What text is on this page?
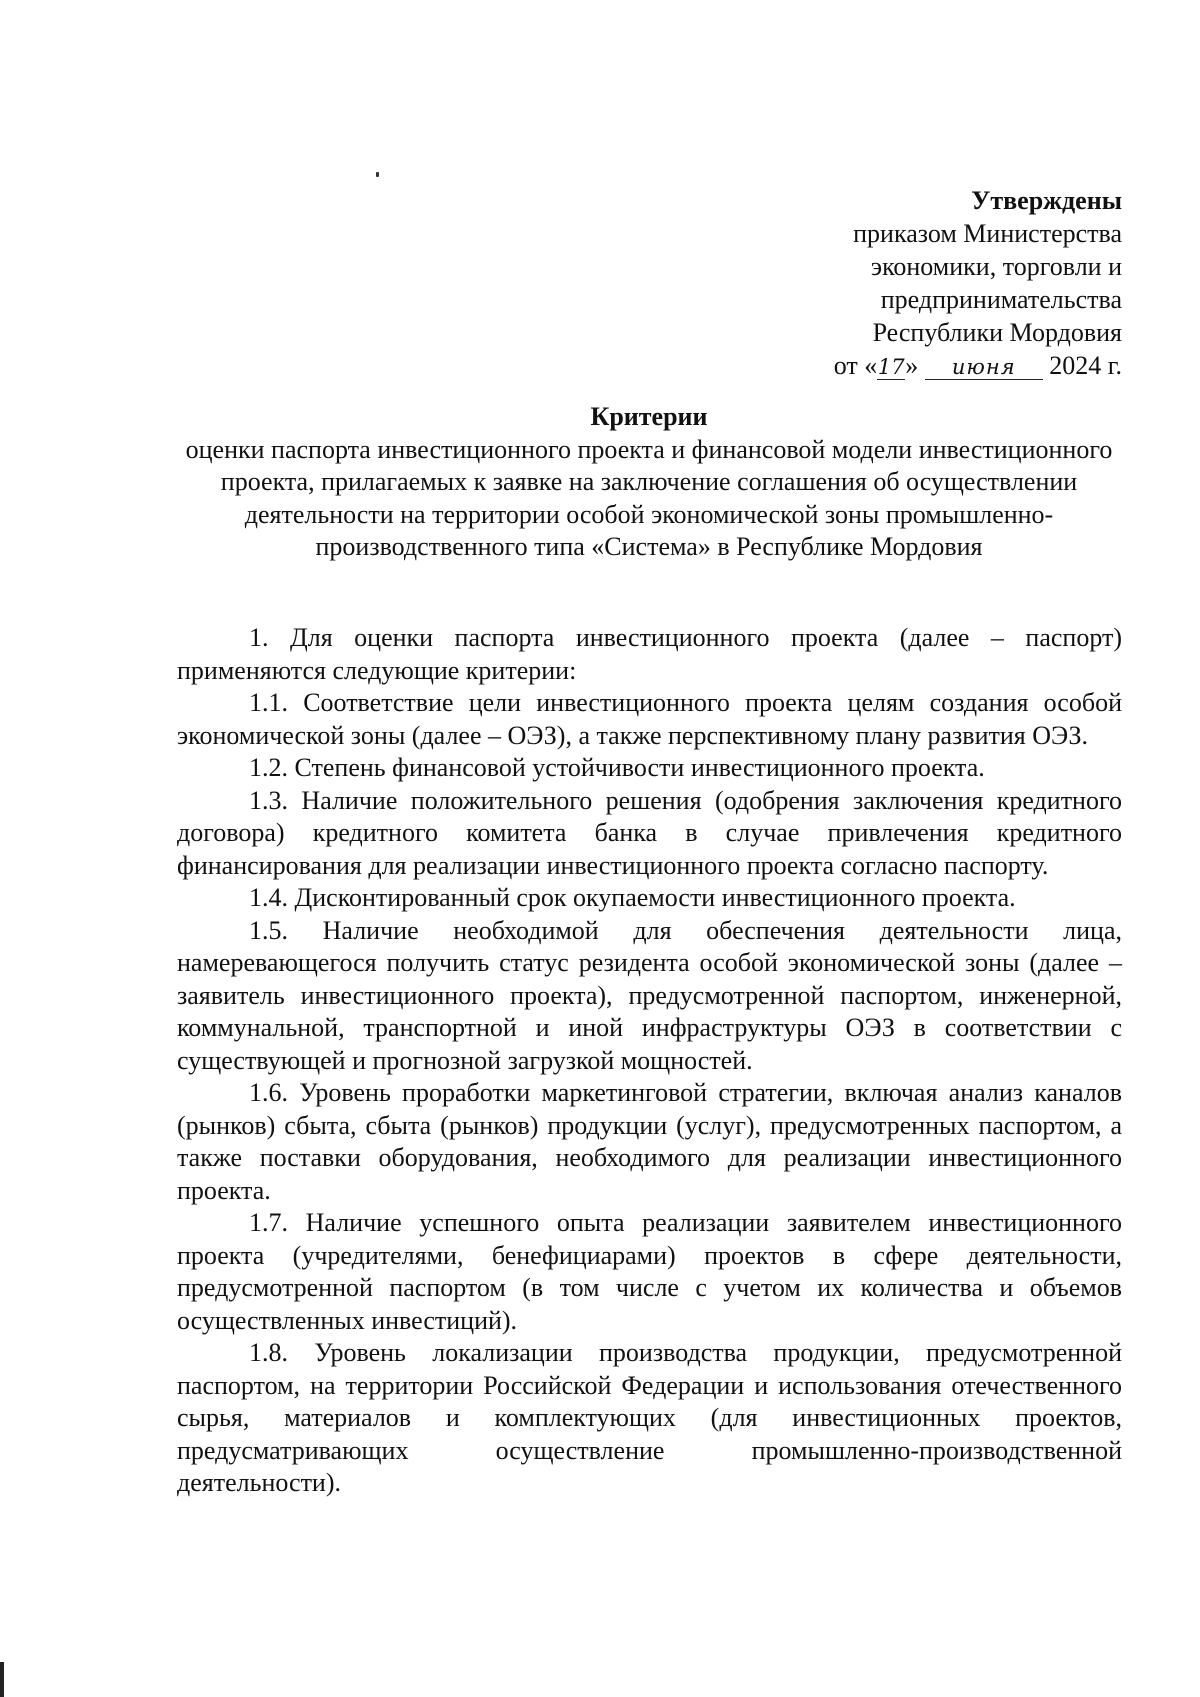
Утверждены
приказом Министерства
экономики, торговли и
предпринимательства
Республики Мордовия
от «17» июня 2024 г.
Критерии
оценки паспорта инвестиционного проекта и финансовой модели инвестиционного проекта, прилагаемых к заявке на заключение соглашения об осуществлении деятельности на территории особой экономической зоны промышленно-производственного типа «Система» в Республике Мордовия

1. Для оценки паспорта инвестиционного проекта (далее – паспорт) применяются следующие критерии:

1.1. Соответствие цели инвестиционного проекта целям создания особой экономической зоны (далее – ОЭЗ), а также перспективному плану развития ОЭЗ.

1.2. Степень финансовой устойчивости инвестиционного проекта.

1.3. Наличие положительного решения (одобрения заключения кредитного договора) кредитного комитета банка в случае привлечения кредитного финансирования для реализации инвестиционного проекта согласно паспорту.

1.4. Дисконтированный срок окупаемости инвестиционного проекта.

1.5. Наличие необходимой для обеспечения деятельности лица, намеревающегося получить статус резидента особой экономической зоны (далее – заявитель инвестиционного проекта), предусмотренной паспортом, инженерной, коммунальной, транспортной и иной инфраструктуры ОЭЗ в соответствии с существующей и прогнозной загрузкой мощностей.

1.6. Уровень проработки маркетинговой стратегии, включая анализ каналов (рынков) сбыта, сбыта (рынков) продукции (услуг), предусмотренных паспортом, а также поставки оборудования, необходимого для реализации инвестиционного проекта.

1.7. Наличие успешного опыта реализации заявителем инвестиционного проекта (учредителями, бенефициарами) проектов в сфере деятельности, предусмотренной паспортом (в том числе с учетом их количества и объемов осуществленных инвестиций).

1.8. Уровень локализации производства продукции, предусмотренной паспортом, на территории Российской Федерации и использования отечественного сырья, материалов и комплектующих (для инвестиционных проектов, предусматривающих осуществление промышленно-производственной деятельности).
